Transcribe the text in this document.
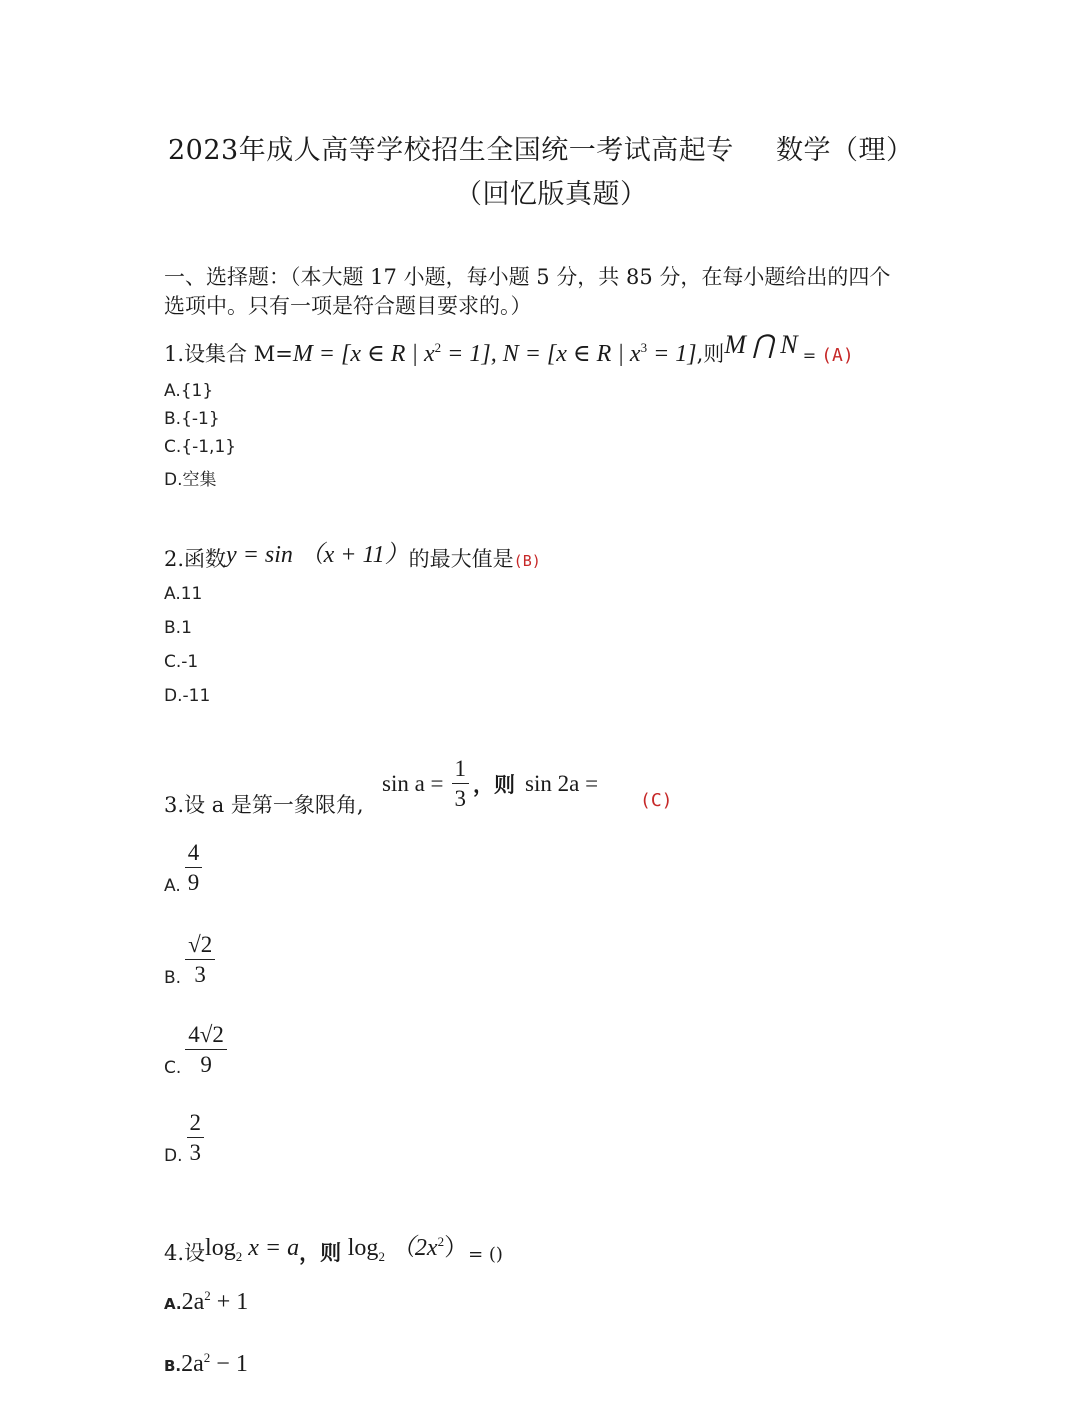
2023年成人高等学校招生全国统一考试高起专 数学（理）
（回忆版真题）
一、选择题：（本大题 17 小题，每小题 5 分，共 85 分，在每小题给出的四个
选项中。只有一项是符合题目要求的。）
1.设集合 M=M = [x ∈ R | $x^2 = 1$], N = [x ∈ R | $x^3 = 1$],则M ⋂ N = (A)
A.{1}
B.{-1}
C.{-1,1}
D.空集
2.函数y = sin （x + 11）的最大值是(B)
A.11
B.1
C.-1
D.-11
3.设 a 是第一象限角,
$\sin a = \frac{1}{3}$ ，则 sin 2a =
(C)
A. $\frac{4}{9}$
B. $\frac{√2}{3}$
C. $\frac{4√2}{9}$
D. $\frac{2}{3}$
4.设$\log_2 x = a$，则 $\log_2 (2x^2)=$ ()
$A.2a^2 + 1$
$B.2a^2 - 1$
